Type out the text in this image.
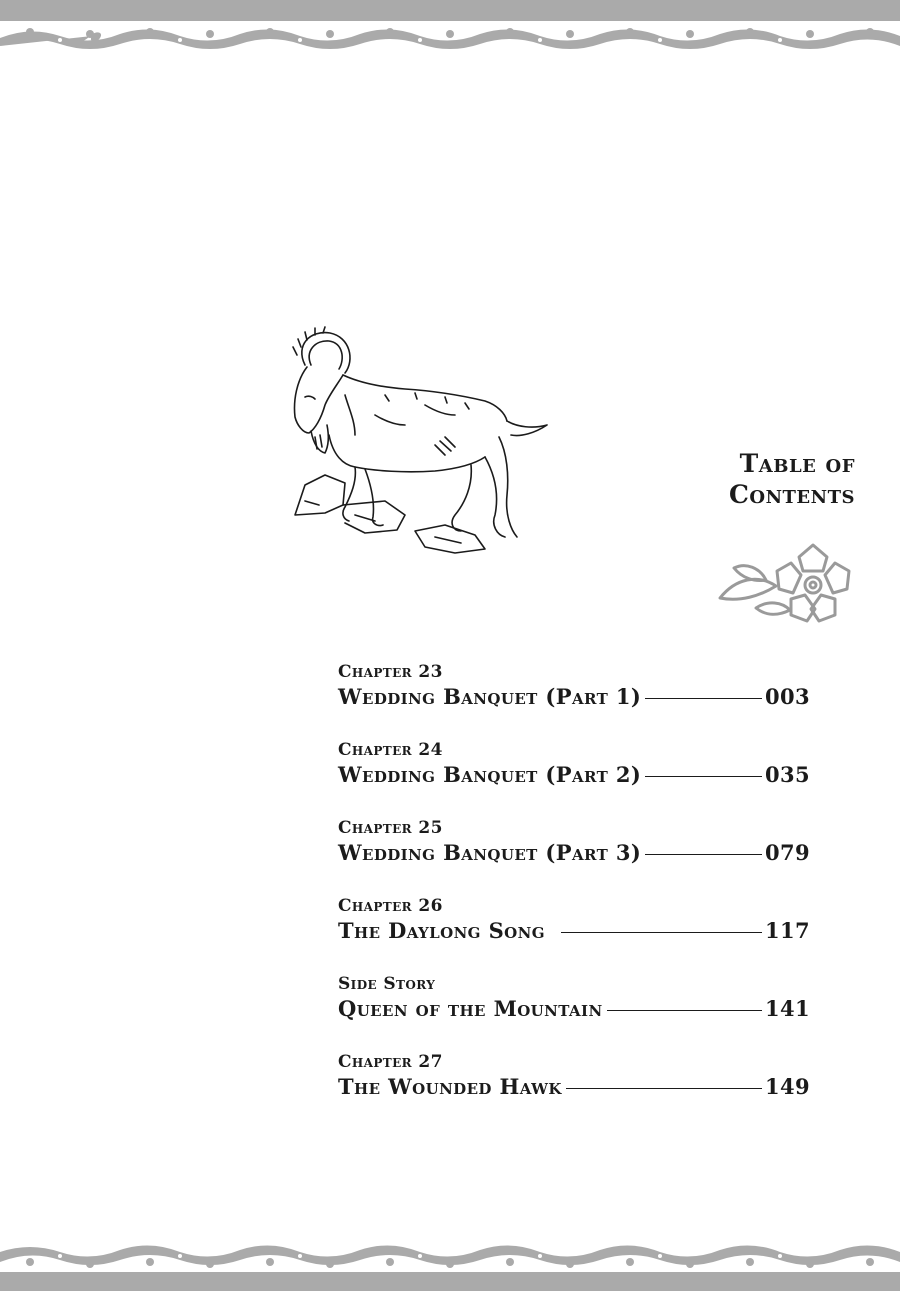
Table of
Contents
Chapter 23
Wedding Banquet (Part 1)	003
Chapter 24
Wedding Banquet (Part 2)	035
Chapter 25
Wedding Banquet (Part 3)	079
Chapter 26
The Daylong Song	117
Side Story
Queen of the Mountain	141
Chapter 27
The Wounded Hawk	149
